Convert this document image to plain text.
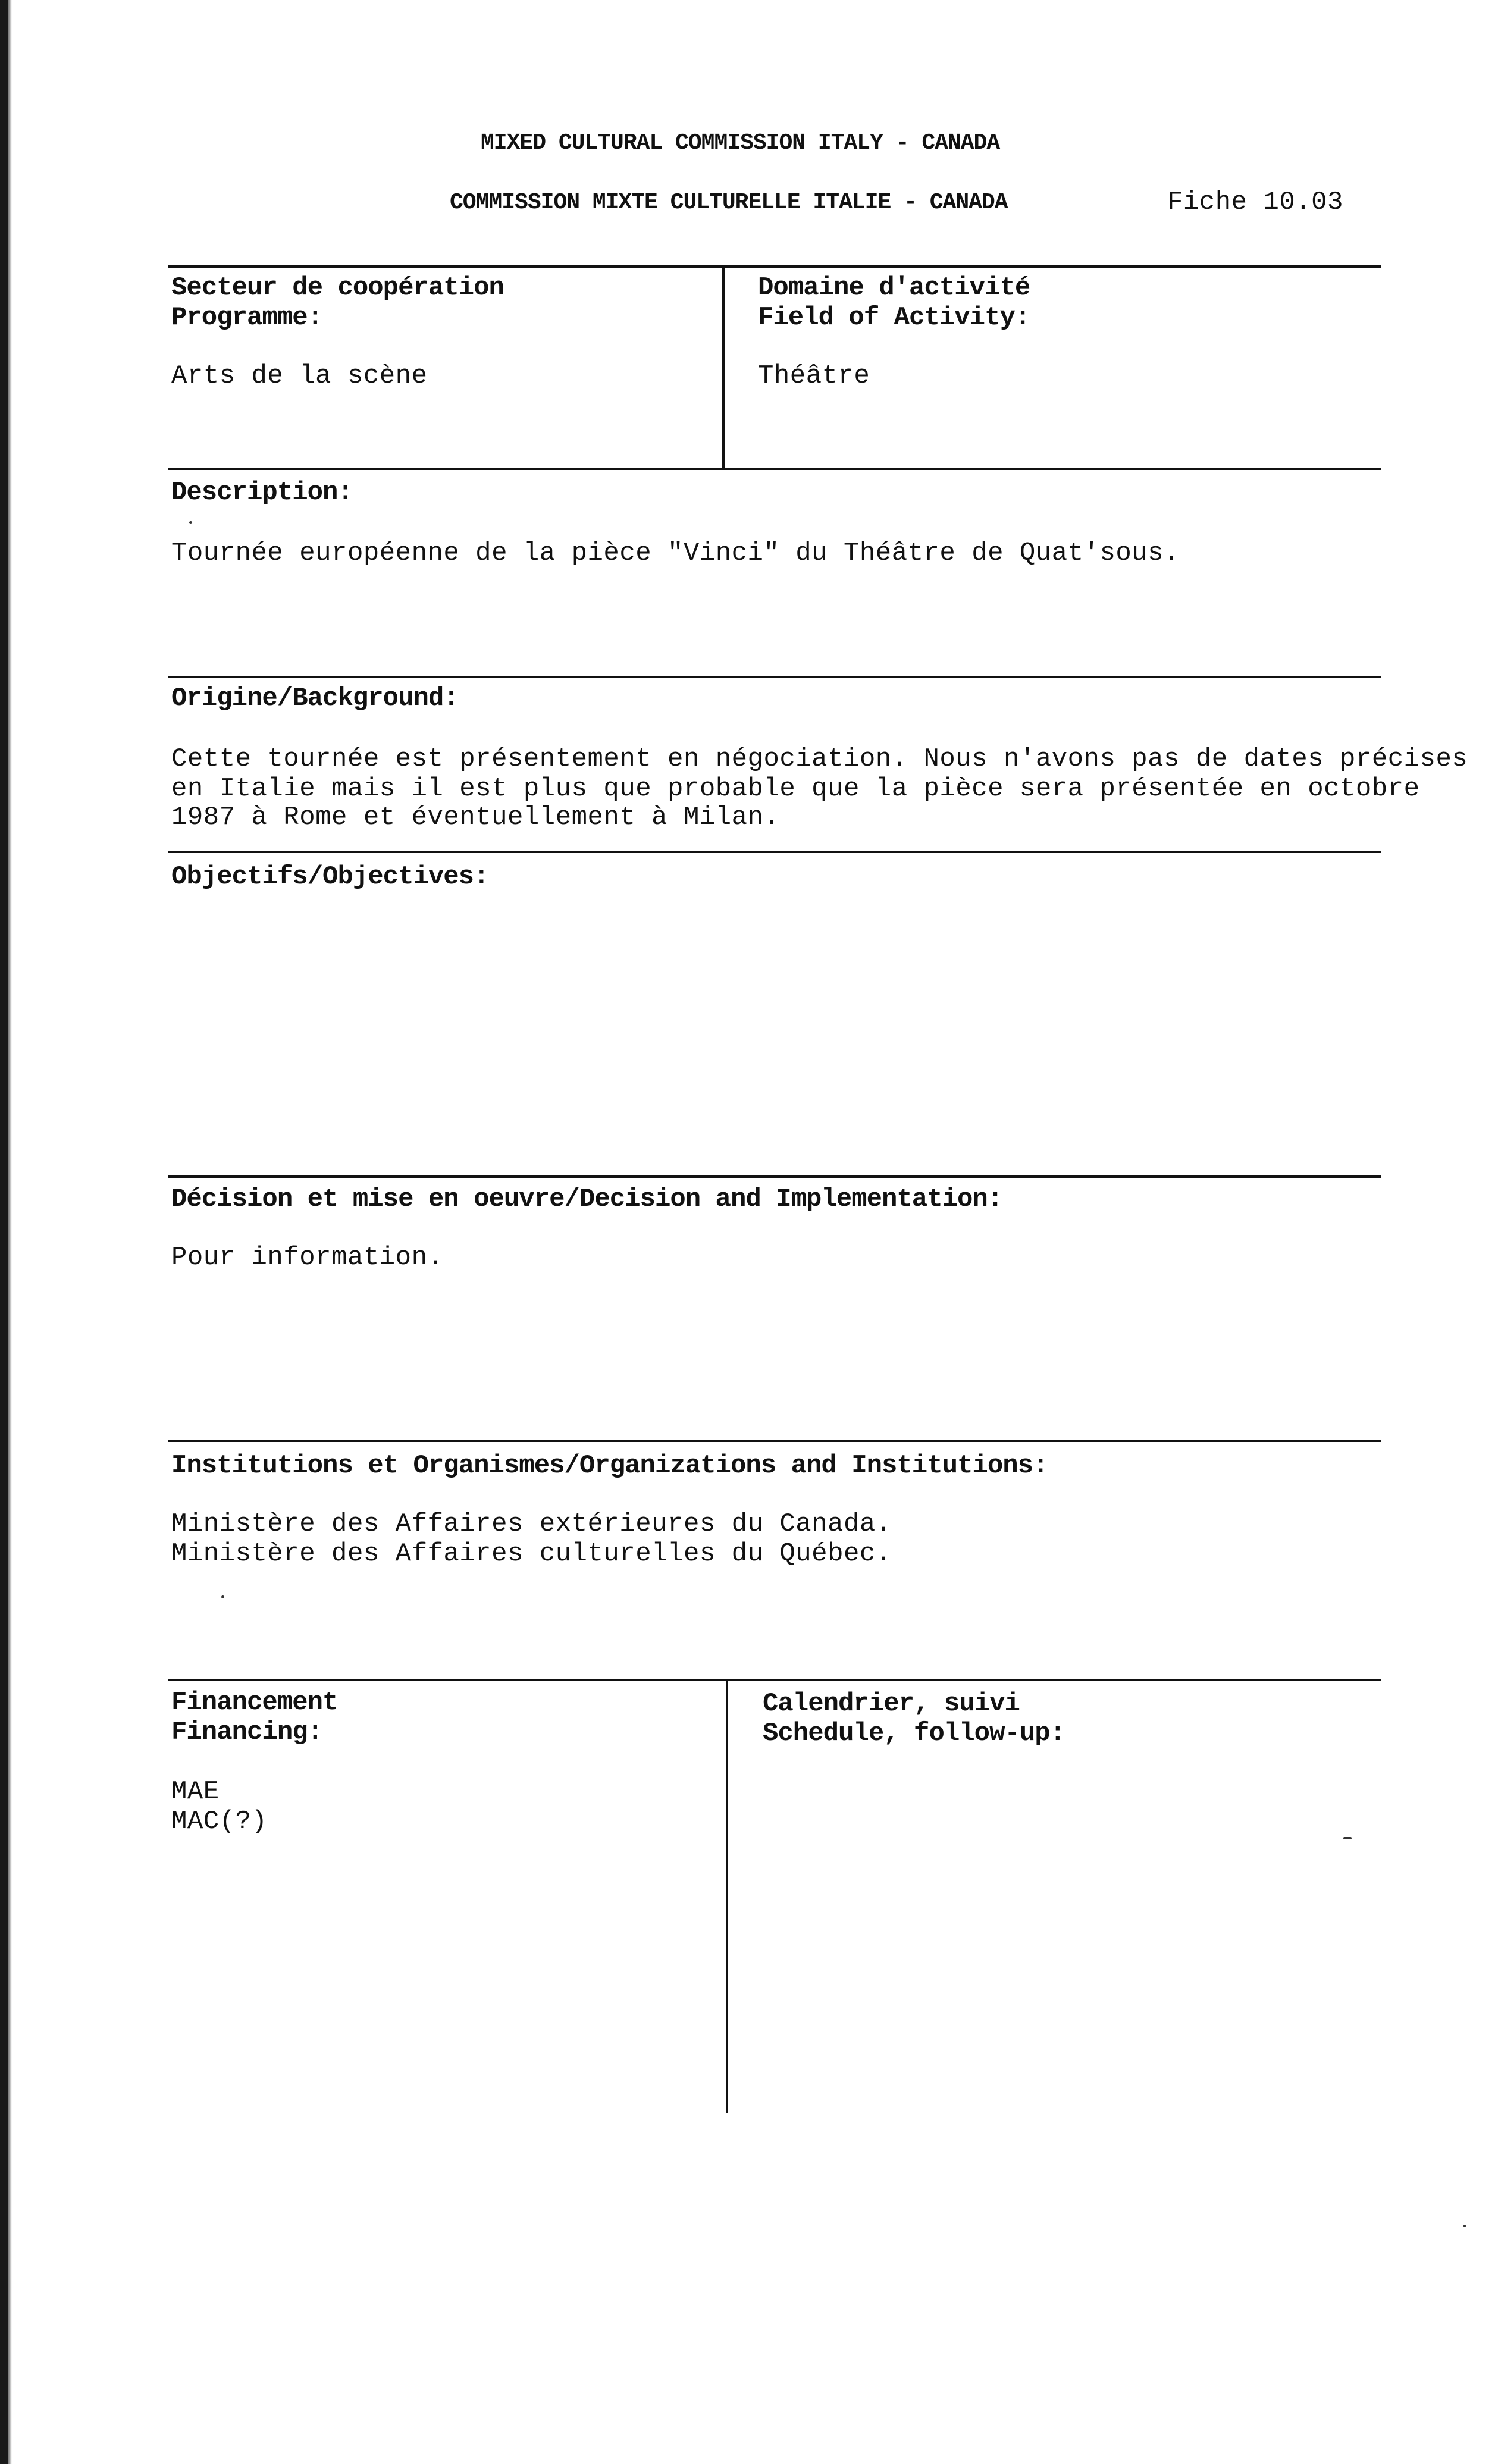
MIXED CULTURAL COMMISSION ITALY - CANADA
COMMISSION MIXTE CULTURELLE ITALIE - CANADA	Fiche 10.03
Secteur de coopération
Programme:
Arts de la scène
Domaine d'activité
Field of Activity:
Théâtre
Description:
Tournée européenne de la pièce "Vinci" du Théâtre de Quat'sous.
Origine/Background:
Cette tournée est présentement en négociation. Nous n'avons pas de dates précises
en Italie mais il est plus que probable que la pièce sera présentée en octobre
1987 à Rome et éventuellement à Milan.
Objectifs/Objectives:
Décision et mise en oeuvre/Decision and Implementation:
Pour information.
Institutions et Organismes/Organizations and Institutions:
Ministère des Affaires extérieures du Canada.
Ministère des Affaires culturelles du Québec.
Financement
Financing:
MAE
MAC(?)
Calendrier, suivi
Schedule, follow-up:
